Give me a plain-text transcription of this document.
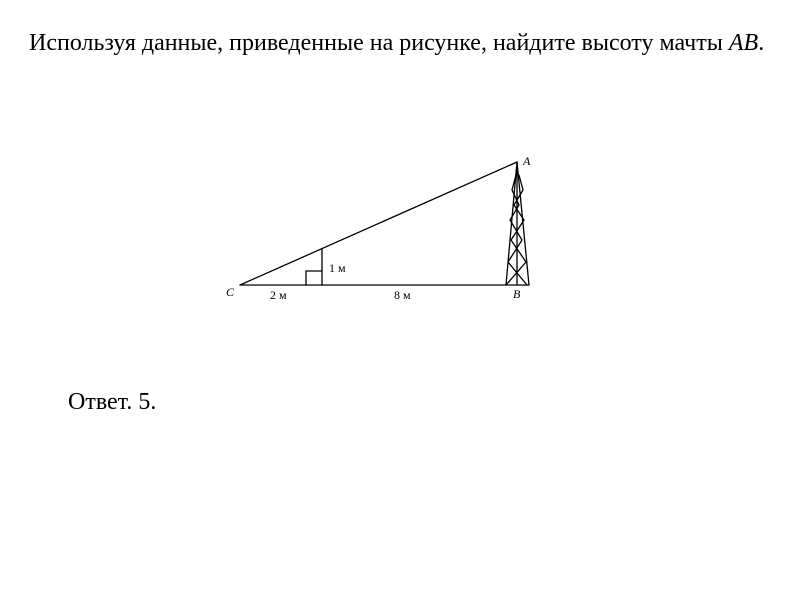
Используя данные, приведенные на рисунке, найдите высоту мачты AB.

A
B
C
1 м
2 м	8 м

Ответ. 5.
